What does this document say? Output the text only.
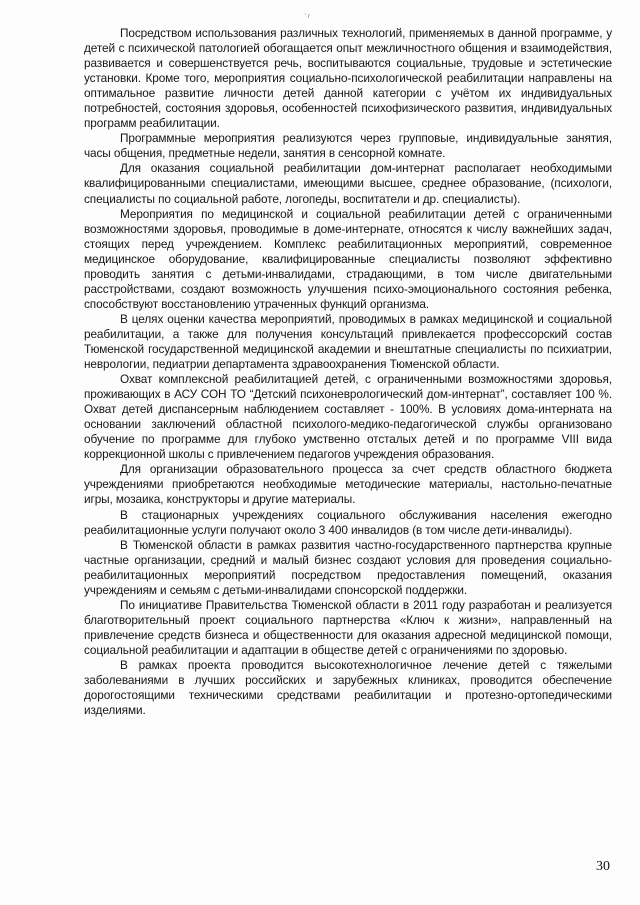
' r

Посредством использования различных технологий, применяемых в данной программе, у детей с психической патологией обогащается опыт межличностного общения и взаимодействия, развивается и совершенствуется речь, воспитываются социальные, трудовые и эстетические установки. Кроме того, мероприятия социально-психологической реабилитации направлены на оптимальное развитие личности детей данной категории с учётом их индивидуальных потребностей, состояния здоровья, особенностей психофизического развития, индивидуальных программ реабилитации.

Программные мероприятия реализуются через групповые, индивидуальные занятия, часы общения, предметные недели, занятия в сенсорной комнате.

Для оказания социальной реабилитации дом-интернат располагает необходимыми квалифицированными специалистами, имеющими высшее, среднее образование, (психологи, специалисты по социальной работе, логопеды, воспитатели и др. специалисты).

Мероприятия по медицинской и социальной реабилитации детей с ограниченными возможностями здоровья, проводимые в доме-интернате, относятся к числу важнейших задач, стоящих перед учреждением. Комплекс реабилитационных мероприятий, современное медицинское оборудование, квалифицированные специалисты позволяют эффективно проводить занятия с детьми-инвалидами, страдающими, в том числе двигательными расстройствами, создают возможность улучшения психо-эмоционального состояния ребенка, способствуют восстановлению утраченных функций организма.

В целях оценки качества мероприятий, проводимых в рамках медицинской и социальной реабилитации, а также для получения консультаций привлекается профессорский состав Тюменской государственной медицинской академии и внештатные специалисты по психиатрии, неврологии, педиатрии департамента здравоохранения Тюменской области.

Охват комплексной реабилитацией детей, с ограниченными возможностями здоровья, проживающих в АСУ СОН ТО “Детский психоневрологический дом-интернат”, составляет 100 %. Охват детей диспансерным наблюдением составляет - 100%. В условиях дома-интерната на основании заключений областной психолого-медико-педагогической службы организовано обучение по программе для глубоко умственно отсталых детей и по программе VIII вида коррекционной школы с привлечением педагогов учреждения образования.

Для организации образовательного процесса за счет средств областного бюджета учреждениями приобретаются необходимые методические материалы, настольно-печатные игры, мозаика, конструкторы и другие материалы.

В стационарных учреждениях социального обслуживания населения ежегодно реабилитационные услуги получают около 3 400 инвалидов (в том числе дети-инвалиды).

В Тюменской области в рамках развития частно-государственного партнерства крупные частные организации, средний и малый бизнес создают условия для проведения социально-реабилитационных мероприятий посредством предоставления помещений, оказания учреждениям и семьям с детьми-инвалидами спонсорской поддержки.

По инициативе Правительства Тюменской области в 2011 году разработан и реализуется благотворительный проект социального партнерства «Ключ к жизни», направленный на привлечение средств бизнеса и общественности для оказания адресной медицинской помощи, социальной реабилитации и адаптации в обществе детей с ограничениями по здоровью.

В рамках проекта проводится высокотехнологичное лечение детей с тяжелыми заболеваниями в лучших российских и зарубежных клиниках, проводится обеспечение дорогостоящими техническими средствами реабилитации и протезно-ортопедическими изделиями.

30
